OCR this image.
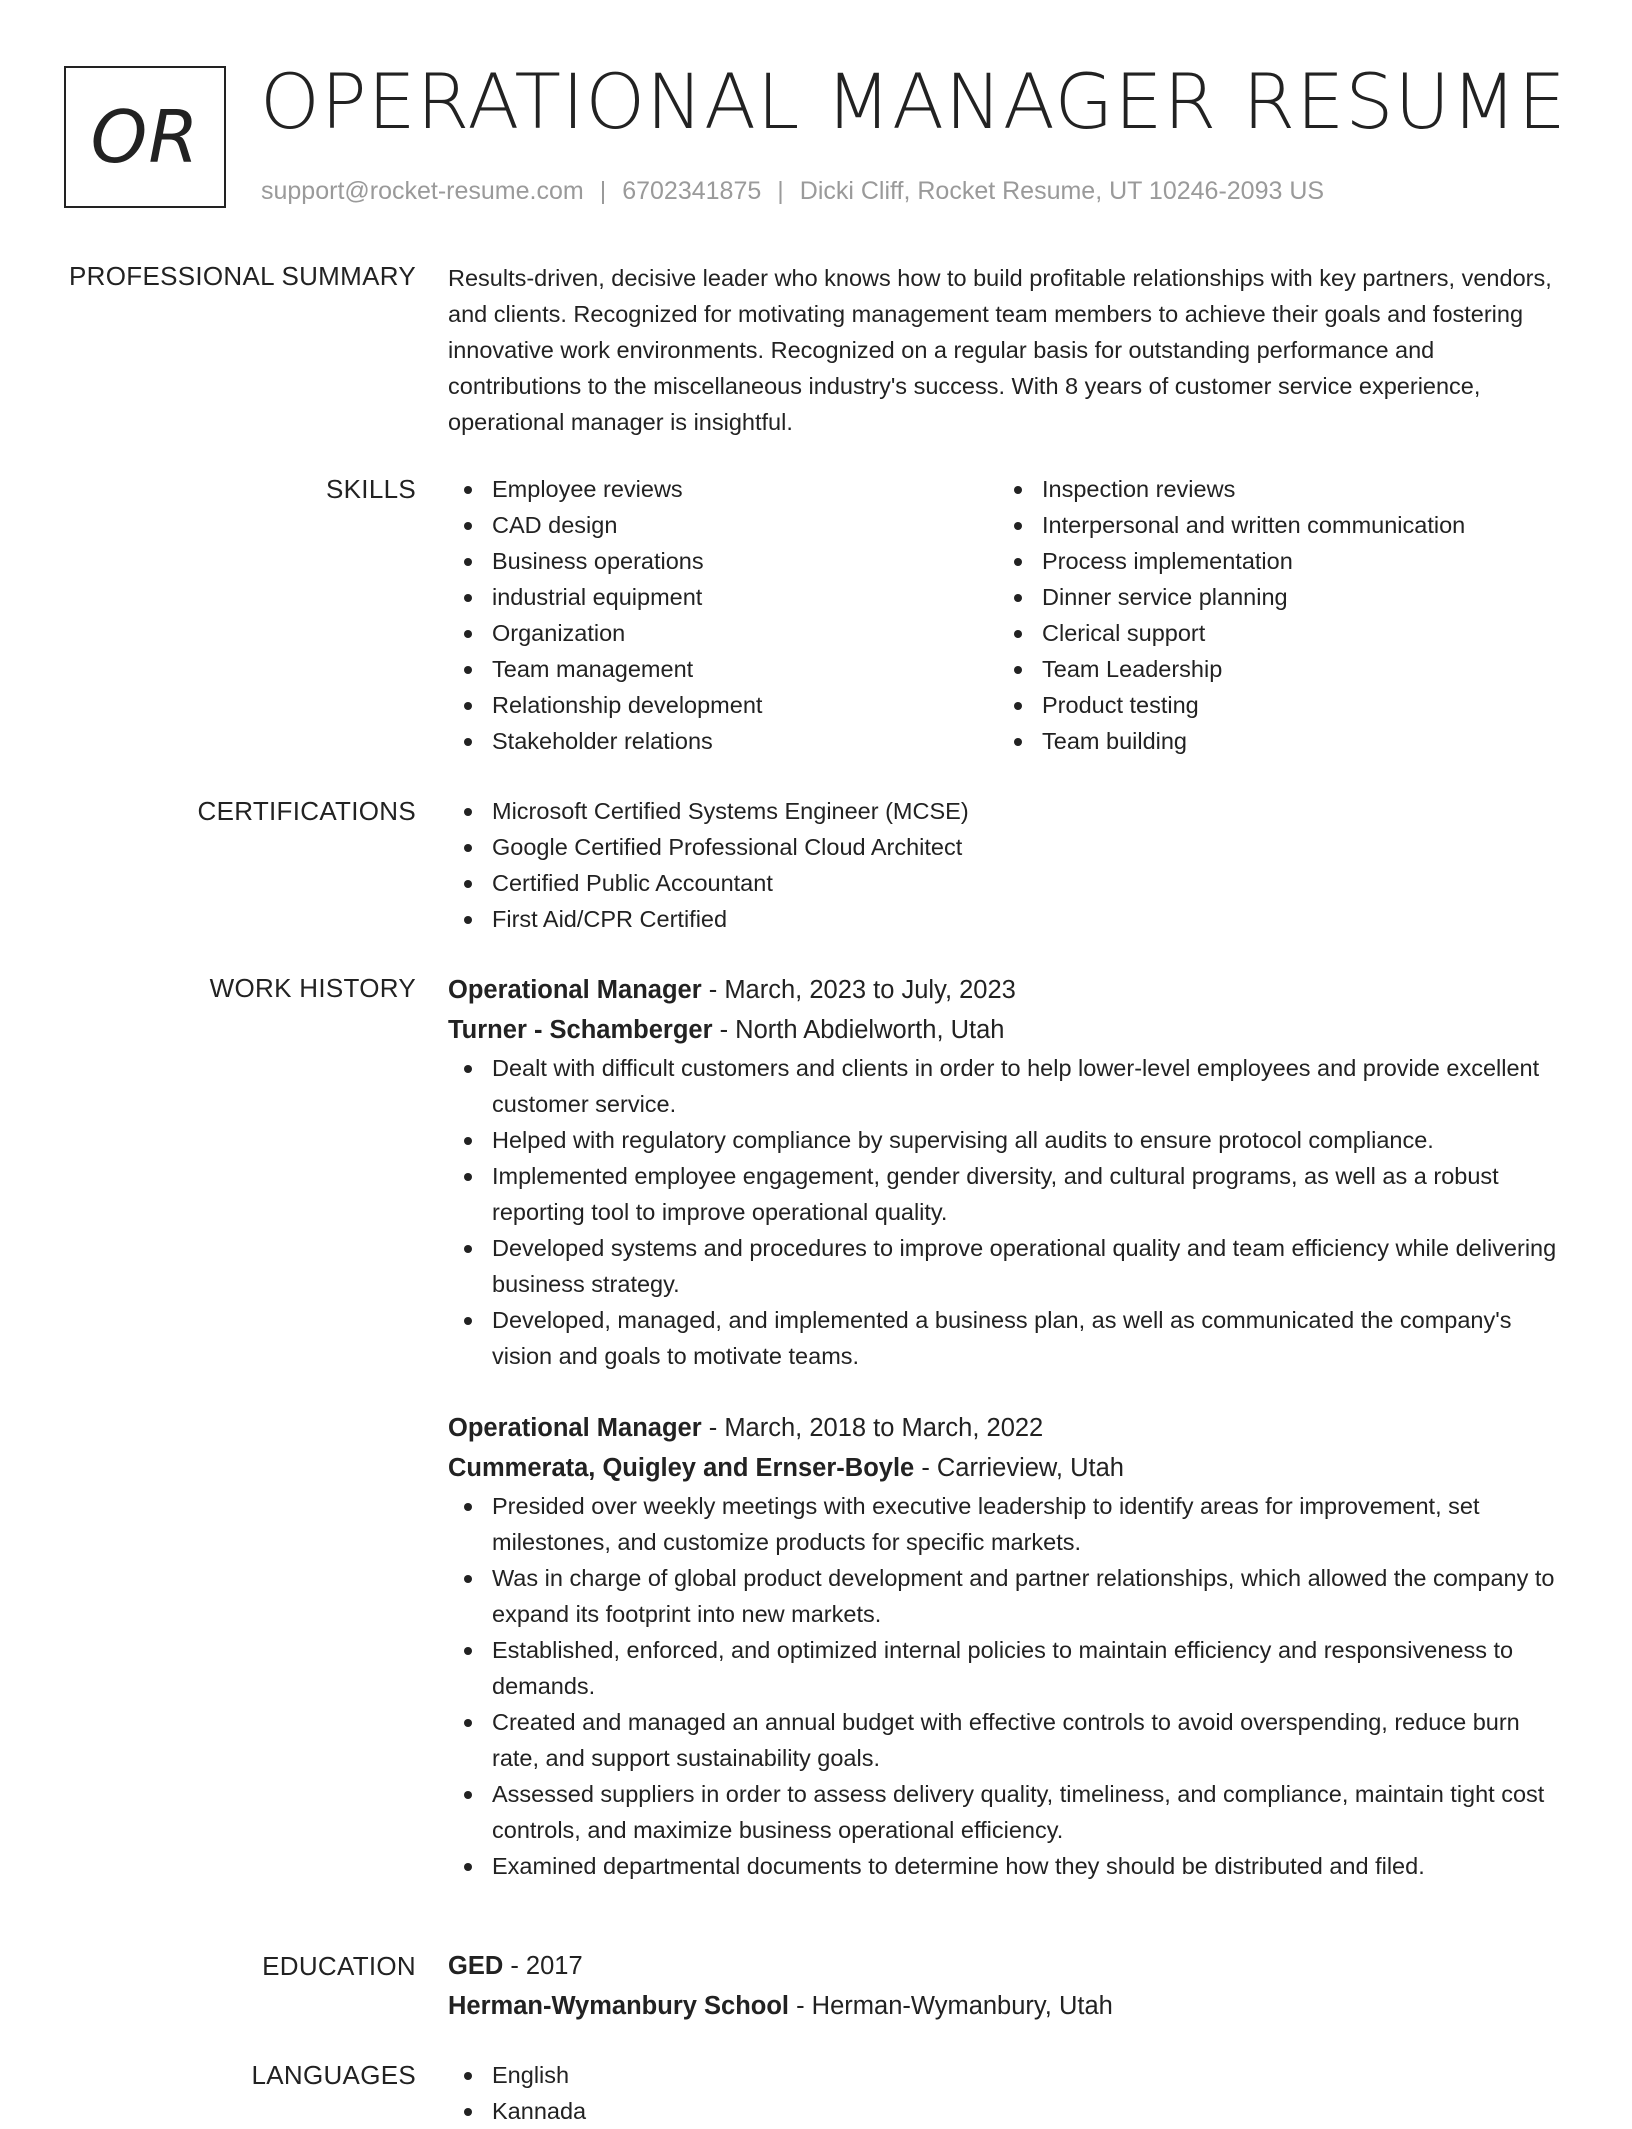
OR OPERATIONAL MANAGER RESUME
support@rocket-resume.com | 6702341875 | Dicki Cliff, Rocket Resume, UT 10246-2093 US
PROFESSIONAL SUMMARY Results-driven, decisive leader who knows how to build profitable relationships with key partners, vendors, and clients. Recognized for motivating management team members to achieve their goals and fostering innovative work environments. Recognized on a regular basis for outstanding performance and contributions to the miscellaneous industry's success. With 8 years of customer service experience, operational manager is insightful.

SKILLS	Employee reviews
CAD design
Business operations
industrial equipment
Organization
Team management
Relationship development
Stakeholder relations
Inspection reviews
Interpersonal and written communication
Process implementation
Dinner service planning
Clerical support
Team Leadership
Product testing
Team building
CERTIFICATIONS	Microsoft Certified Systems Engineer (MCSE)
Google Certified Professional Cloud Architect
Certified Public Accountant
First Aid/CPR Certified
WORK HISTORY Operational Manager - March, 2023 to July, 2023
Turner - Schamberger - North Abdielworth, Utah
Dealt with difficult customers and clients in order to help lower-level employees and provide excellent customer service.
Helped with regulatory compliance by supervising all audits to ensure protocol compliance.
Implemented employee engagement, gender diversity, and cultural programs, as well as a robust reporting tool to improve operational quality.
Developed systems and procedures to improve operational quality and team efficiency while delivering business strategy.
Developed, managed, and implemented a business plan, as well as communicated the company's vision and goals to motivate teams.
Operational Manager - March, 2018 to March, 2022
Cummerata, Quigley and Ernser-Boyle - Carrieview, Utah
Presided over weekly meetings with executive leadership to identify areas for improvement, set milestones, and customize products for specific markets.
Was in charge of global product development and partner relationships, which allowed the company to expand its footprint into new markets.
Established, enforced, and optimized internal policies to maintain efficiency and responsiveness to demands.
Created and managed an annual budget with effective controls to avoid overspending, reduce burn rate, and support sustainability goals.
Assessed suppliers in order to assess delivery quality, timeliness, and compliance, maintain tight cost controls, and maximize business operational efficiency.
Examined departmental documents to determine how they should be distributed and filed.
EDUCATION GED - 2017
Herman-Wymanbury School - Herman-Wymanbury, Utah
LANGUAGES	English
Kannada
